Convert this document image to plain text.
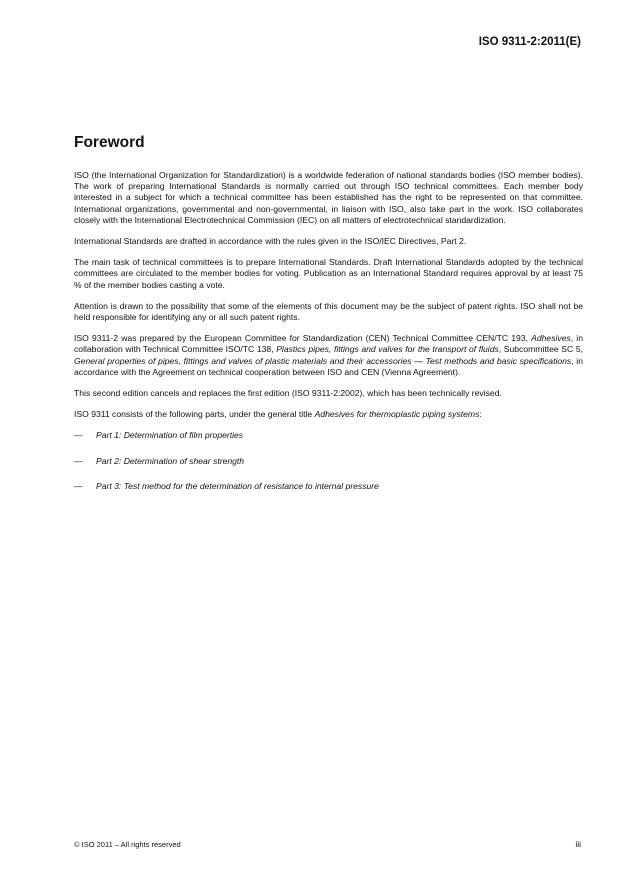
ISO 9311-2:2011(E)
Foreword

ISO (the International Organization for Standardization) is a worldwide federation of national standards bodies (ISO member bodies). The work of preparing International Standards is normally carried out through ISO technical committees. Each member body interested in a subject for which a technical committee has been established has the right to be represented on that committee. International organizations, governmental and non-governmental, in liaison with ISO, also take part in the work. ISO collaborates closely with the International Electrotechnical Commission (IEC) on all matters of electrotechnical standardization.

International Standards are drafted in accordance with the rules given in the ISO/IEC Directives, Part 2.

The main task of technical committees is to prepare International Standards. Draft International Standards adopted by the technical committees are circulated to the member bodies for voting. Publication as an International Standard requires approval by at least 75 % of the member bodies casting a vote.

Attention is drawn to the possibility that some of the elements of this document may be the subject of patent rights. ISO shall not be held responsible for identifying any or all such patent rights.

ISO 9311-2 was prepared by the European Committee for Standardization (CEN) Technical Committee CEN/TC 193, Adhesives, in collaboration with Technical Committee ISO/TC 138, Plastics pipes, fittings and valves for the transport of fluids, Subcommittee SC 5, General properties of pipes, fittings and valves of plastic materials and their accessories — Test methods and basic specifications, in accordance with the Agreement on technical cooperation between ISO and CEN (Vienna Agreement).

This second edition cancels and replaces the first edition (ISO 9311-2:2002), which has been technically revised.

ISO 9311 consists of the following parts, under the general title Adhesives for thermoplastic piping systems:

—	Part 1: Determination of film properties
—	Part 2: Determination of shear strength
—	Part 3: Test method for the determination of resistance to internal pressure
© ISO 2011 – All rights reserved	iii
